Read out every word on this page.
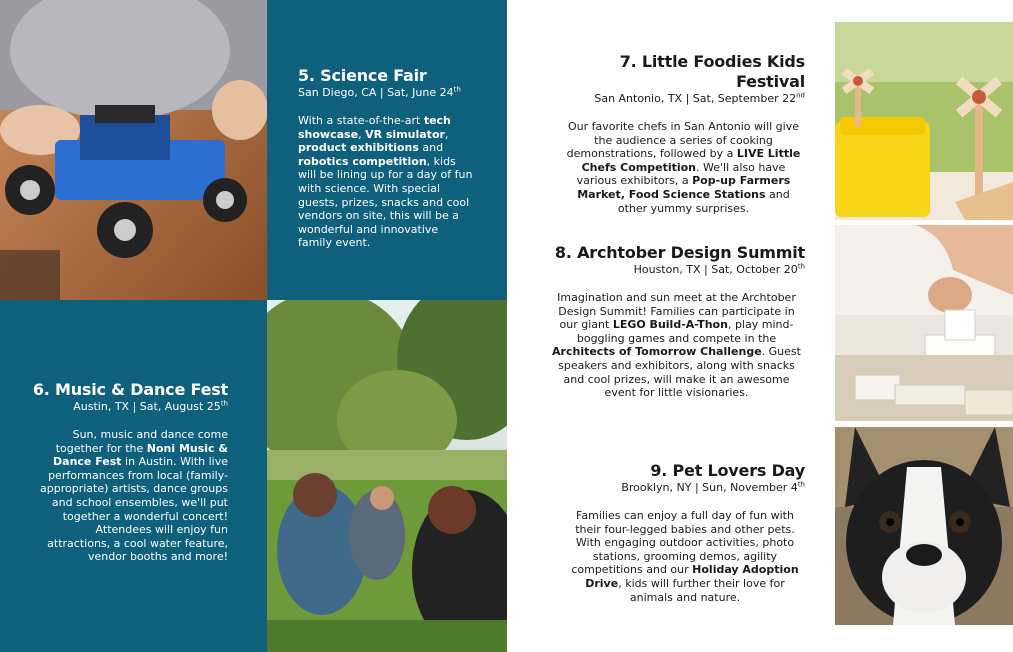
5. Science Fair
San Diego, CA | Sat, June 24th
With a state-of-the-art tech showcase, VR simulator, product exhibitions and robotics competition, kids will be lining up for a day of fun with science. With special guests, prizes, snacks and cool vendors on site, this will be a wonderful and innovative family event.
6. Music & Dance Fest
Austin, TX | Sat, August 25th
Sun, music and dance come together for the Noni Music & Dance Fest in Austin. With live performances from local (family-appropriate) artists, dance groups and school ensembles, we'll put together a wonderful concert! Attendees will enjoy fun attractions, a cool water feature, vendor booths and more!
7. Little Foodies Kids Festival
San Antonio, TX | Sat, September 22nd
Our favorite chefs in San Antonio will give the audience a series of cooking demonstrations, followed by a LIVE Little Chefs Competition. We'll also have various exhibitors, a Pop-up Farmers Market, Food Science Stations and other yummy surprises.
8. Archtober Design Summit
Houston, TX | Sat, October 20th
Imagination and sun meet at the Archtober Design Summit! Families can participate in our giant LEGO Build-A-Thon, play mind-boggling games and compete in the Architects of Tomorrow Challenge. Guest speakers and exhibitors, along with snacks and cool prizes, will make it an awesome event for little visionaries.
9. Pet Lovers Day
Brooklyn, NY | Sun, November 4th
Families can enjoy a full day of fun with their four-legged babies and other pets. With engaging outdoor activities, photo stations, grooming demos, agility competitions and our Holiday Adoption Drive, kids will further their love for animals and nature.
